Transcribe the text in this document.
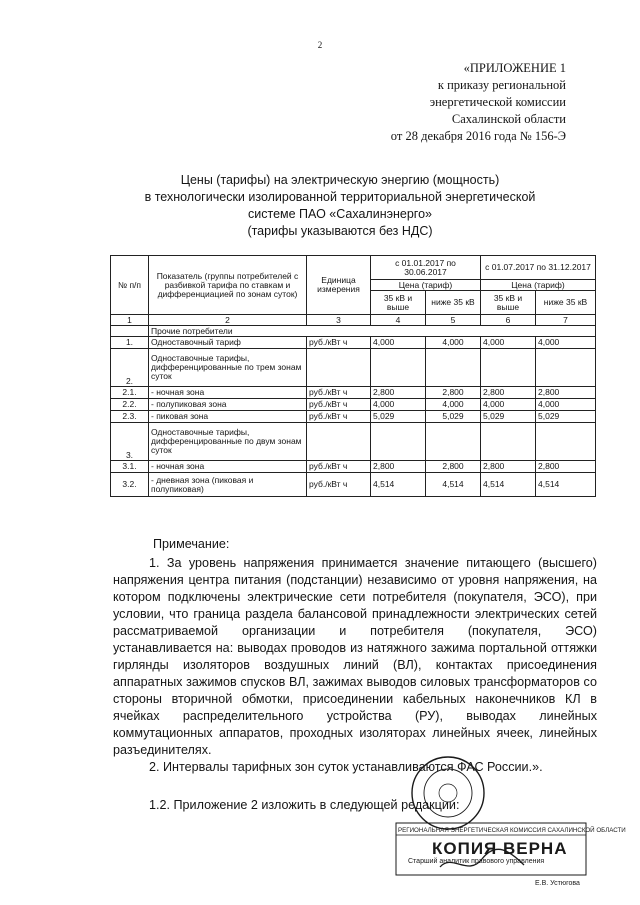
2
«ПРИЛОЖЕНИЕ 1
к приказу региональной
энергетической комиссии
Сахалинской области
от 28 декабря 2016 года № 156-Э
Цены (тарифы) на электрическую энергию (мощность)
в технологически изолированной территориальной энергетической
системе ПАО «Сахалинэнерго»
(тарифы указываются без НДС)
№ п/п	Показатель (группы потребителей с разбивкой тарифа по ставкам и дифференциацией по зонам суток)	Единица измерения	с 01.01.2017 по 30.06.2017		с 01.07.2017 по 31.12.2017	

			Цена (тариф)		Цена (тариф)	
			35 кВ и выше	ниже 35 кВ	35 кВ и выше	ниже 35 кВ
1	2	3	4	5	6	7
	Прочие потребители					
1.	Одноставочный тариф	руб./кВт ч	4,000	4,000	4,000	4,000
2.	Одноставочные тарифы, дифференцированные по трем зонам суток					
2.1.	- ночная зона	руб./кВт ч	2,800	2,800	2,800	2,800
2.2.	- полупиковая зона	руб./кВт ч	4,000	4,000	4,000	4,000
2.3.	- пиковая зона	руб./кВт ч	5,029	5,029	5,029	5,029
3.	Одноставочные тарифы, дифференцированные по двум зонам суток					
3.1.	- ночная зона	руб./кВт ч	2,800	2,800	2,800	2,800
3.2.	- дневная зона (пиковая и полупиковая)	руб./кВт ч	4,514	4,514	4,514	4,514
Примечание:
1. За уровень напряжения принимается значение питающего (высшего) напряжения центра питания (подстанции) независимо от уровня напряжения, на котором подключены электрические сети потребителя (покупателя, ЭСО), при условии, что граница раздела балансовой принадлежности электрических сетей рассматриваемой организации и потребителя (покупателя, ЭСО) устанавливается на: выводах проводов из натяжного зажима портальной оттяжки гирлянды изоляторов воздушных линий (ВЛ), контактах присоединения аппаратных зажимов спусков ВЛ, зажимах выводов силовых трансформаторов со стороны вторичной обмотки, присоединении кабельных наконечников КЛ в ячейках распределительного устройства (РУ), выводах линейных коммутационных аппаратов, проходных изоляторах линейных ячеек, линейных разъединителях.
2. Интервалы тарифных зон суток устанавливаются ФАС России.».
1.2. Приложение 2 изложить в следующей редакции:
РЕГИОНАЛЬНАЯ ЭНЕРГЕТИЧЕСКАЯ КОМИССИЯ САХАЛИНСКОЙ ОБЛАСТИ
КОПИЯ ВЕРНА
Старший аналитик правового управления
Е.В. Устюгова
